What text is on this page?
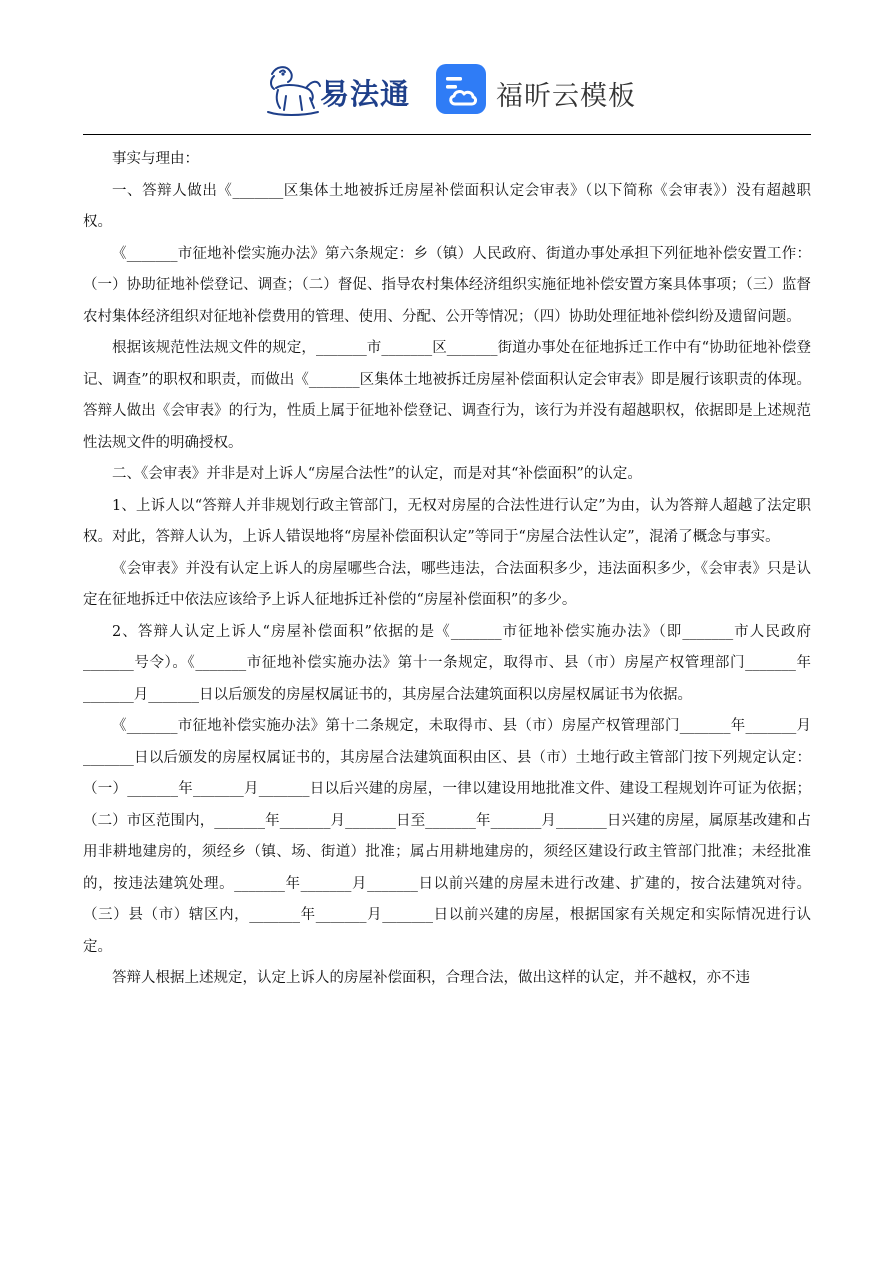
易法通	福昕云模板

事实与理由：

一、答辩人做出《_______区集体土地被拆迁房屋补偿面积认定会审表》（以下简称《会审表》）没有超越职权。

《_______市征地补偿实施办法》第六条规定：乡（镇）人民政府、街道办事处承担下列征地补偿安置工作：（一）协助征地补偿登记、调查；（二）督促、指导农村集体经济组织实施征地补偿安置方案具体事项；（三）监督农村集体经济组织对征地补偿费用的管理、使用、分配、公开等情况；（四）协助处理征地补偿纠纷及遗留问题。

根据该规范性法规文件的规定，_______市_______区_______街道办事处在征地拆迁工作中有“协助征地补偿登记、调查”的职权和职责，而做出《_______区集体土地被拆迁房屋补偿面积认定会审表》即是履行该职责的体现。答辩人做出《会审表》的行为，性质上属于征地补偿登记、调查行为，该行为并没有超越职权，依据即是上述规范性法规文件的明确授权。

二、《会审表》并非是对上诉人“房屋合法性”的认定，而是对其“补偿面积”的认定。

1、上诉人以“答辩人并非规划行政主管部门，无权对房屋的合法性进行认定”为由，认为答辩人超越了法定职权。对此，答辩人认为，上诉人错误地将“房屋补偿面积认定”等同于“房屋合法性认定”，混淆了概念与事实。

《会审表》并没有认定上诉人的房屋哪些合法，哪些违法，合法面积多少，违法面积多少，《会审表》只是认定在征地拆迁中依法应该给予上诉人征地拆迁补偿的“房屋补偿面积”的多少。

2、答辩人认定上诉人“房屋补偿面积”依据的是《_______市征地补偿实施办法》（即_______市人民政府_______号令）。《_______市征地补偿实施办法》第十一条规定，取得市、县（市）房屋产权管理部门_______年_______月_______日以后颁发的房屋权属证书的，其房屋合法建筑面积以房屋权属证书为依据。

《_______市征地补偿实施办法》第十二条规定，未取得市、县（市）房屋产权管理部门_______年_______月_______日以后颁发的房屋权属证书的，其房屋合法建筑面积由区、县（市）土地行政主管部门按下列规定认定：（一）_______年_______月_______日以后兴建的房屋，一律以建设用地批准文件、建设工程规划许可证为依据；（二）市区范围内，_______年_______月_______日至_______年_______月_______日兴建的房屋，属原基改建和占用非耕地建房的，须经乡（镇、场、街道）批准；属占用耕地建房的，须经区建设行政主管部门批准；未经批准的，按违法建筑处理。_______年_______月_______日以前兴建的房屋未进行改建、扩建的，按合法建筑对待。（三）县（市）辖区内，_______年_______月_______日以前兴建的房屋，根据国家有关规定和实际情况进行认定。

答辩人根据上述规定，认定上诉人的房屋补偿面积，合理合法，做出这样的认定，并不越权，亦不违
